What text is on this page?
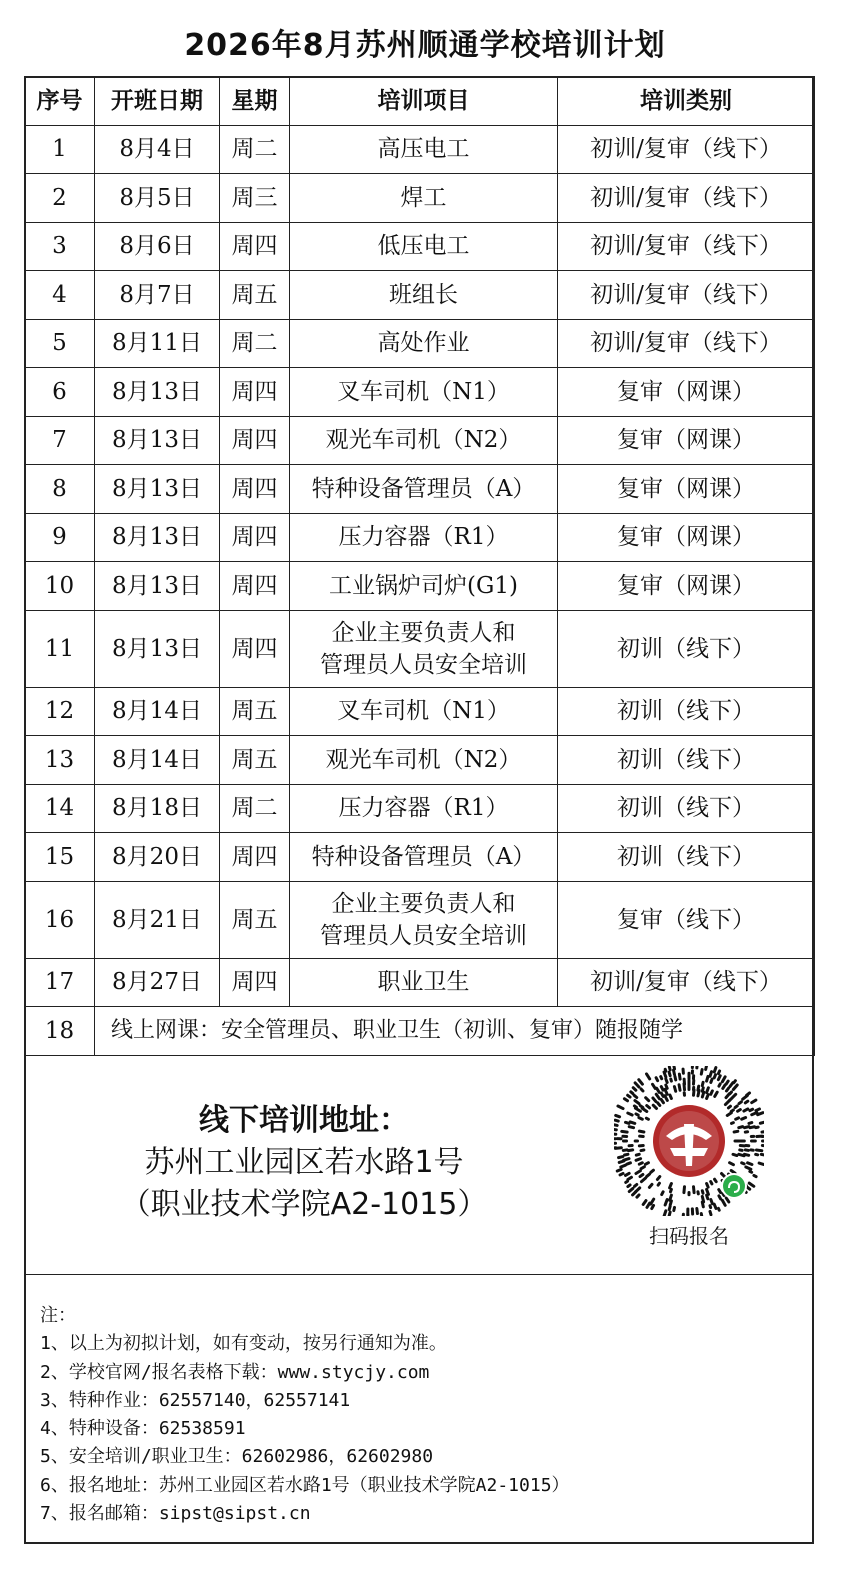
2026年8月苏州顺通学校培训计划
序号	开班日期	星期	培训项目	培训类别
1	8月4日	周二	高压电工	初训/复审（线下）
2	8月5日	周三	焊工	初训/复审（线下）
3	8月6日	周四	低压电工	初训/复审（线下）
4	8月7日	周五	班组长	初训/复审（线下）
5	8月11日	周二	高处作业	初训/复审（线下）
6	8月13日	周四	叉车司机（N1）	复审（网课）
7	8月13日	周四	观光车司机（N2）	复审（网课）
8	8月13日	周四	特种设备管理员（A）	复审（网课）
9	8月13日	周四	压力容器（R1）	复审（网课）
10	8月13日	周四	工业锅炉司炉(G1)	复审（网课）
11	8月13日	周四	企业主要负责人和
管理员人员安全培训	初训（线下）
12	8月14日	周五	叉车司机（N1）	初训（线下）
13	8月14日	周五	观光车司机（N2）	初训（线下）
14	8月18日	周二	压力容器（R1）	初训（线下）
15	8月20日	周四	特种设备管理员（A）	初训（线下）
16	8月21日	周五	企业主要负责人和
管理员人员安全培训	复审（线下）
17	8月27日	周四	职业卫生	初训/复审（线下）
18	线上网课：安全管理员、职业卫生（初训、复审）随报随学			
线下培训地址：
苏州工业园区若水路1号
（职业技术学院A2-1015）
扫码报名
注：
1、以上为初拟计划，如有变动，按另行通知为准。
2、学校官网/报名表格下载：www.stycjy.com
3、特种作业：62557140，62557141
4、特种设备：62538591
5、安全培训/职业卫生：62602986，62602980
6、报名地址：苏州工业园区若水路1号（职业技术学院A2-1015）
7、报名邮箱：sipst@sipst.cn
